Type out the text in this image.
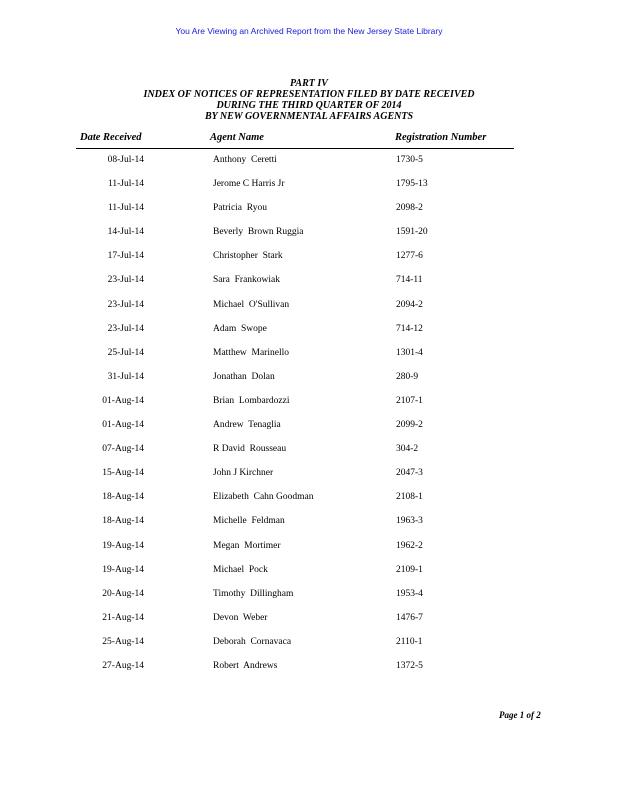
You Are Viewing an Archived Report from the New Jersey State Library
PART IV
INDEX OF NOTICES OF REPRESENTATION FILED BY DATE RECEIVED
DURING THE THIRD QUARTER OF 2014
BY NEW GOVERNMENTAL AFFAIRS AGENTS
Date Received	Agent Name	Registration Number
08-Jul-14	Anthony  Ceretti	1730-5
11-Jul-14	Jerome C Harris Jr	1795-13
11-Jul-14	Patricia  Ryou	2098-2
14-Jul-14	Beverly  Brown Ruggia	1591-20
17-Jul-14	Christopher  Stark	1277-6
23-Jul-14	Sara  Frankowiak	714-11
23-Jul-14	Michael  O'Sullivan	2094-2
23-Jul-14	Adam  Swope	714-12
25-Jul-14	Matthew  Marinello	1301-4
31-Jul-14	Jonathan  Dolan	280-9
01-Aug-14	Brian  Lombardozzi	2107-1
01-Aug-14	Andrew  Tenaglia	2099-2
07-Aug-14	R David  Rousseau	304-2
15-Aug-14	John J Kirchner	2047-3
18-Aug-14	Elizabeth  Cahn Goodman	2108-1
18-Aug-14	Michelle  Feldman	1963-3
19-Aug-14	Megan  Mortimer	1962-2
19-Aug-14	Michael  Pock	2109-1
20-Aug-14	Timothy  Dillingham	1953-4
21-Aug-14	Devon  Weber	1476-7
25-Aug-14	Deborah  Cornavaca	2110-1
27-Aug-14	Robert  Andrews	1372-5
Page 1 of 2
